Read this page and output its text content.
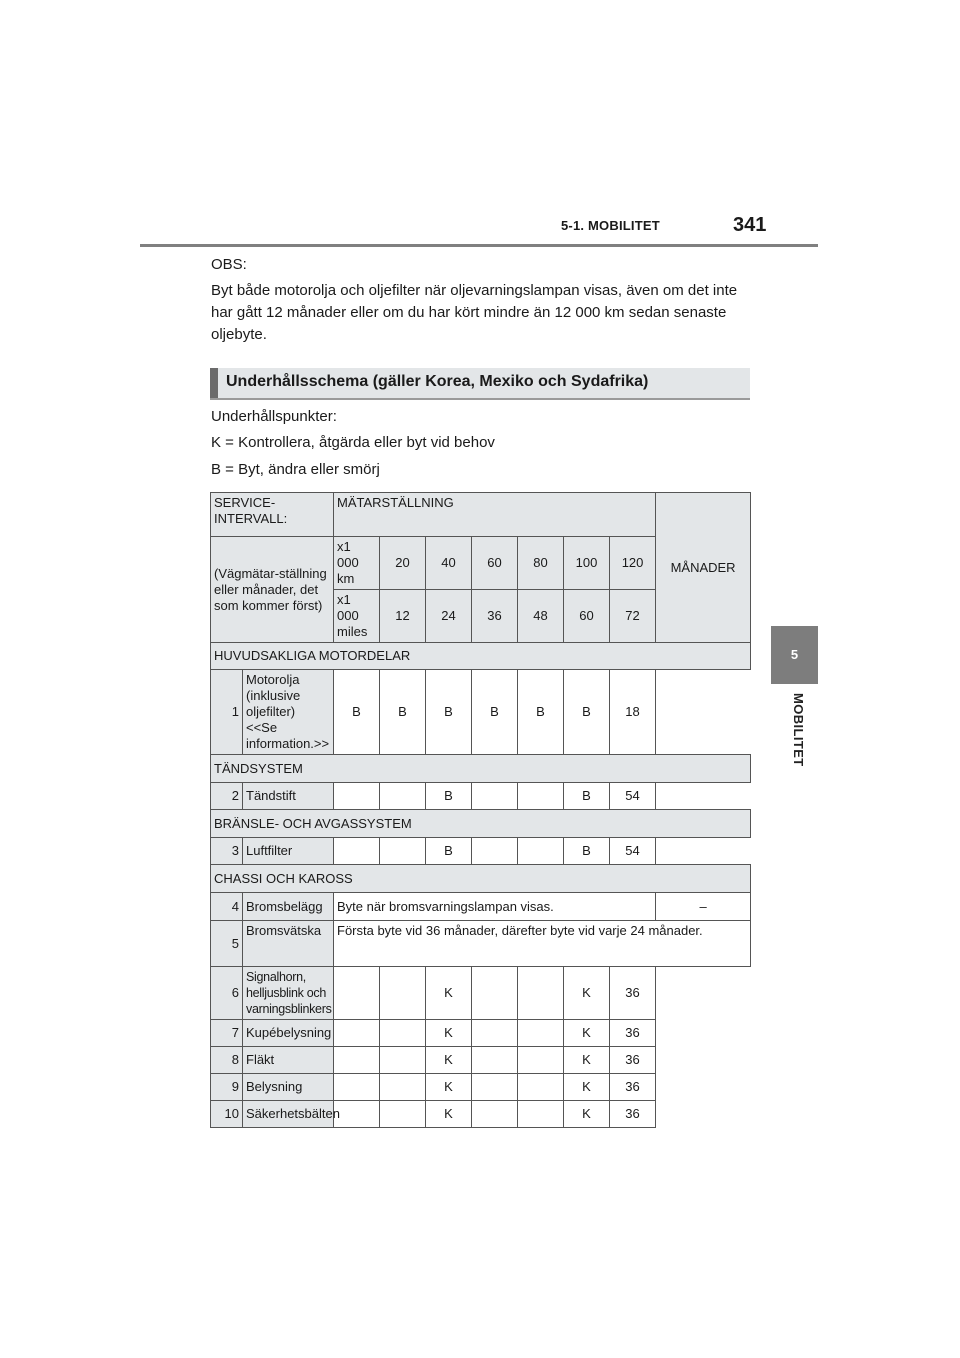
5-1. MOBILITET	341
5
MOBILITET
OBS:
Byt både motorolja och oljefilter när oljevarningslampan visas, även om det inte har gått 12 månader eller om du har kört mindre än 12 000 km sedan senaste oljebyte.
Underhållsschema (gäller Korea, Mexiko och Sydafrika)
Underhållspunkter:
K = Kontrollera, åtgärda eller byt vid behov
B = Byt, ändra eller smörj
SERVICE-
INTERVALL:		MÄTARSTÄLLNING							MÅNADER
(Vägmätar-ställning eller månader, det som kommer först)		x1 000 km	20	40	60	80	100	120	
		x1 000 miles	12	24	36	48	60	72	
HUVUDSAKLIGA MOTORDELAR									
1	Motorolja
(inklusive oljefilter)
<<Se information.>>	B	B	B	B	B	B	18	
TÄNDSYSTEM									
2	Tändstift			B			B	54	
BRÄNSLE- OCH AVGASSYSTEM									
3	Luftfilter			B			B	54	
CHASSI OCH KAROSS									
4	Bromsbelägg	Byte när bromsvarningslampan visas.							–
5	Bromsvätska	Första byte vid 36 månader, därefter byte vid varje 24 månader.							
6	Signalhorn, helljusblink och varningsblinkers			K			K	36	
7	Kupébelysning			K			K	36	
8	Fläkt			K			K	36	
9	Belysning			K			K	36	
10	Säkerhetsbälten			K			K	36	
